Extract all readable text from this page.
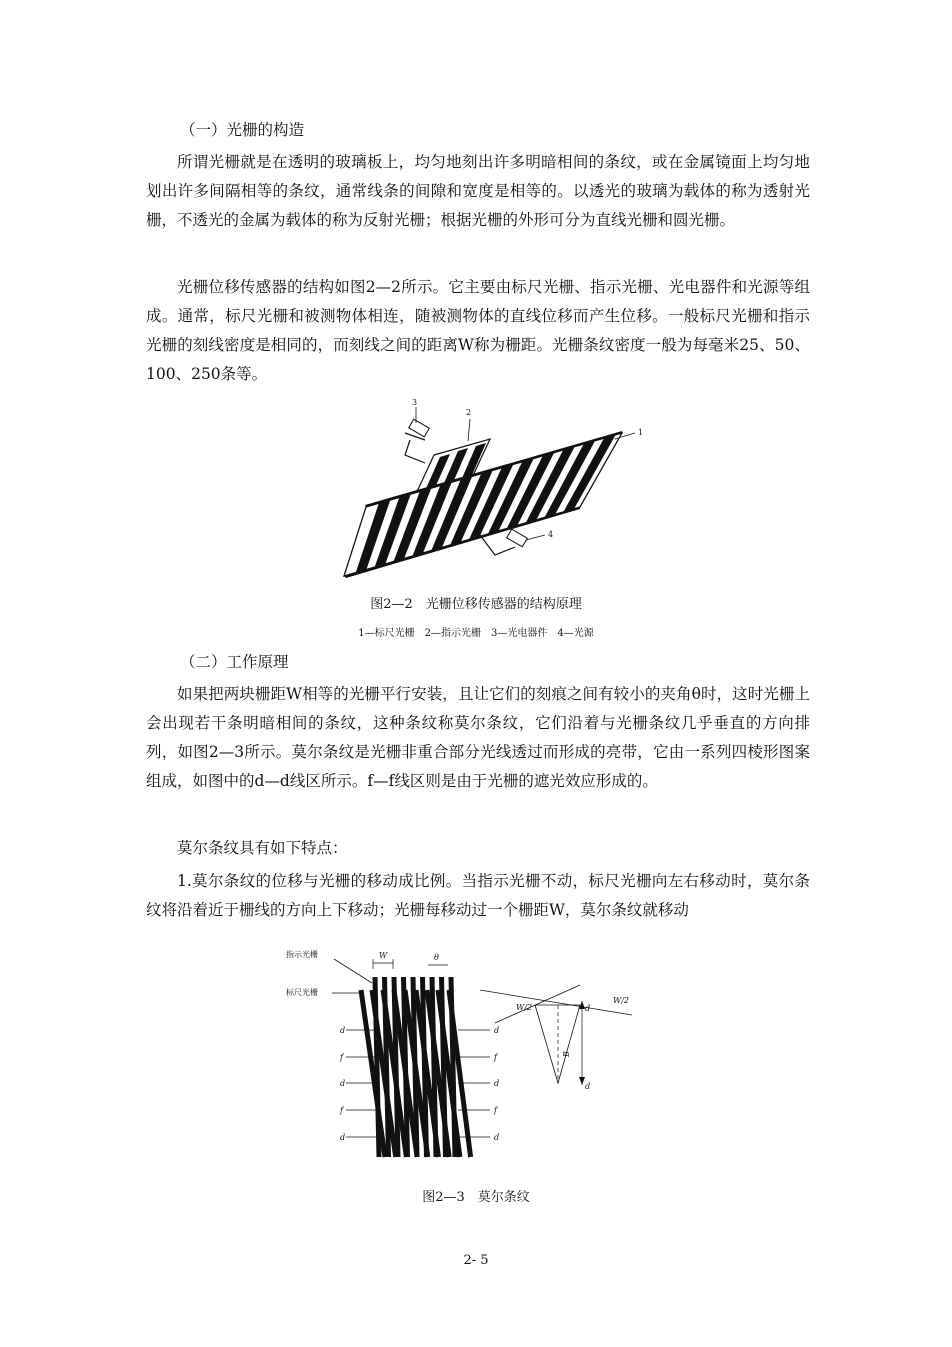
（一）光栅的构造

所谓光栅就是在透明的玻璃板上，均匀地刻出许多明暗相间的条纹，或在金属镜面上均匀地划出许多间隔相等的条纹，通常线条的间隙和宽度是相等的。以透光的玻璃为载体的称为透射光栅，不透光的金属为载体的称为反射光栅；根据光栅的外形可分为直线光栅和圆光栅。

光栅位移传感器的结构如图2—2所示。它主要由标尺光栅、指示光栅、光电器件和光源等组成。通常，标尺光栅和被测物体相连，随被测物体的直线位移而产生位移。一般标尺光栅和指示光栅的刻线密度是相同的，而刻线之间的距离W称为栅距。光栅条纹密度一般为每毫米25、50、100、250条等。

1
2
3
4

图2—2　光栅位移传感器的结构原理

1—标尺光栅　2—指示光栅　3—光电器件　4—光源

（二）工作原理

如果把两块栅距W相等的光栅平行安装，且让它们的刻痕之间有较小的夹角θ时，这时光栅上会出现若干条明暗相间的条纹，这种条纹称莫尔条纹，它们沿着与光栅条纹几乎垂直的方向排列，如图2—3所示。莫尔条纹是光栅非重合部分光线透过而形成的亮带，它由一系列四棱形图案组成，如图中的d—d线区所示。f—f线区则是由于光栅的遮光效应形成的。

莫尔条纹具有如下特点：

1.莫尔条纹的位移与光栅的移动成比例。当指示光栅不动，标尺光栅向左右移动时，莫尔条纹将沿着近于栅线的方向上下移动；光栅每移动过一个栅距W，莫尔条纹就移动

指示光栅
标尺光栅
W	θ
d	d
f	f
d	d
f	f
d	d
W/2
W/2
B
d
d

图2—3　莫尔条纹

2- 5
